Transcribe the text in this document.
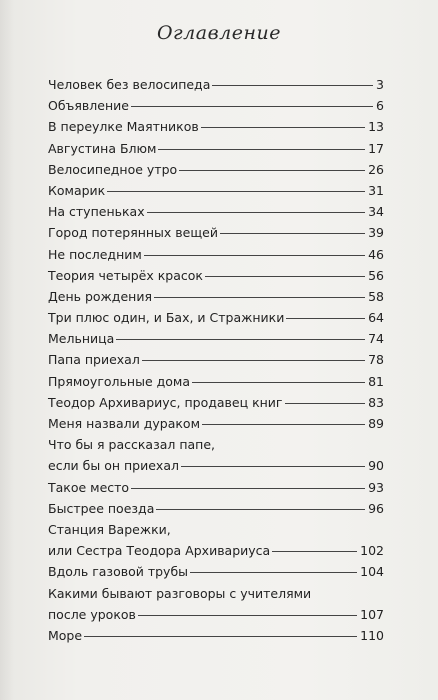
Оглавление
Человек без велосипеда	3
Объявление	6
В переулке Маятников	13
Августина Блюм	17
Велосипедное утро	26
Комарик	31
На ступеньках	34
Город потерянных вещей	39
Не последним	46
Теория четырёх красок	56
День рождения	58
Три плюс один, и Бах, и Стражники	64
Мельница	74
Папа приехал	78
Прямоугольные дома	81
Теодор Архивариус, продавец книг	83
Меня назвали дураком	89
Что бы я рассказал папе,
если бы он приехал	90
Такое место	93
Быстрее поезда	96
Станция Варежки,
или Сестра Теодора Архивариуса	102
Вдоль газовой трубы	104
Какими бывают разговоры с учителями
после уроков	107
Море	110
